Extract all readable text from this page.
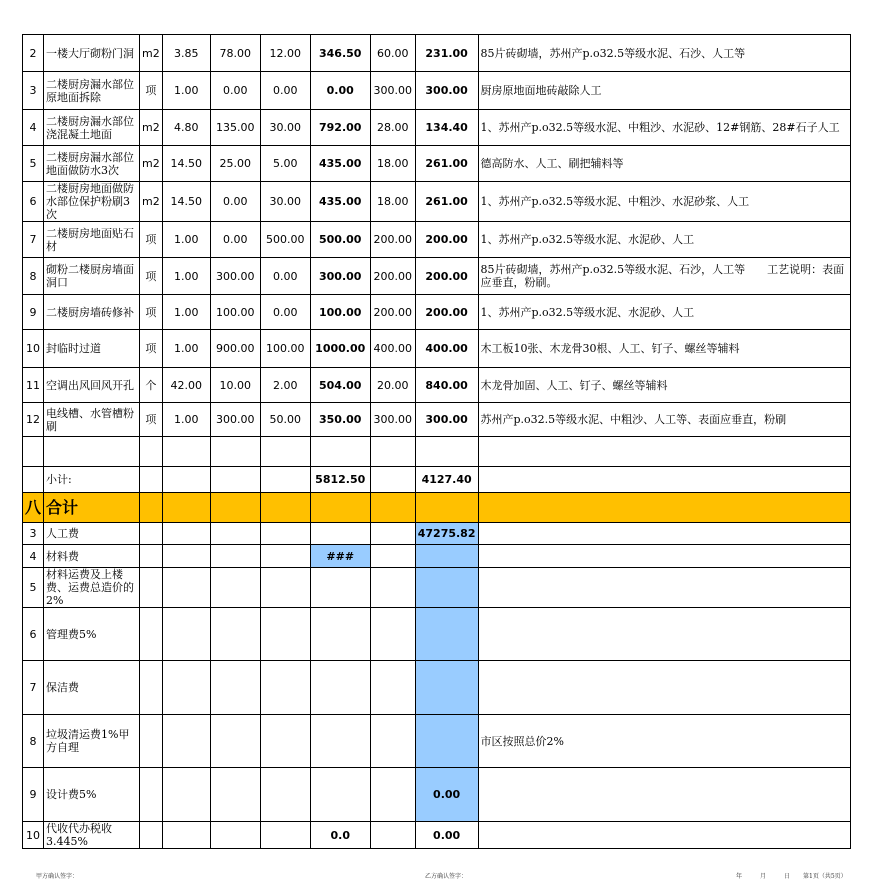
2	一楼大厅砌粉门洞	m2	3.85	78.00	12.00	346.50	60.00	231.00	85片砖砌墙，苏州产p.o32.5等级水泥、石沙、人工等
3	二楼厨房漏水部位原地面拆除	项	1.00	0.00	0.00	0.00	300.00	300.00	厨房原地面地砖敲除人工
4	二楼厨房漏水部位浇混凝土地面	m2	4.80	135.00	30.00	792.00	28.00	134.40	1、苏州产p.o32.5等级水泥、中粗沙、水泥砂、12#钢筋、28#石子人工
5	二楼厨房漏水部位地面做防水3次	m2	14.50	25.00	5.00	435.00	18.00	261.00	德高防水、人工、刷把辅料等
6	二楼厨房地面做防水部位保护粉刷3次	m2	14.50	0.00	30.00	435.00	18.00	261.00	1、苏州产p.o32.5等级水泥、中粗沙、水泥砂浆、人工
7	二楼厨房地面贴石材	项	1.00	0.00	500.00	500.00	200.00	200.00	1、苏州产p.o32.5等级水泥、水泥砂、人工
8	砌粉二楼厨房墙面洞口	项	1.00	300.00	0.00	300.00	200.00	200.00	85片砖砌墙，苏州产p.o32.5等级水泥、石沙，人工等　　工艺说明：表面应垂直，粉刷。
9	二楼厨房墙砖修补	项	1.00	100.00	0.00	100.00	200.00	200.00	1、苏州产p.o32.5等级水泥、水泥砂、人工
10	封临时过道	项	1.00	900.00	100.00	1000.00	400.00	400.00	木工板10张、木龙骨30根、人工、钉子、螺丝等辅料
11	空调出风回风开孔	个	42.00	10.00	2.00	504.00	20.00	840.00	木龙骨加固、人工、钉子、螺丝等辅料
12	电线槽、水管槽粉刷	项	1.00	300.00	50.00	350.00	300.00	300.00	苏州产p.o32.5等级水泥、中粗沙、人工等、表面应垂直，粉刷

	小计:					5812.50		4127.40	
八	合计								
3	人工费							47275.82	
4	材料费					###			
5	材料运费及上楼费、运费总造价的2%								
6	管理费5%								
7	保洁费								
8	垃圾清运费1%甲方自理								市区按照总价2%
9	设计费5%							0.00	
10	代收代办税收3.445%					0.0		0.00	
甲方确认签字：	乙方确认签字：	年	月	日 第1页（共5页）
